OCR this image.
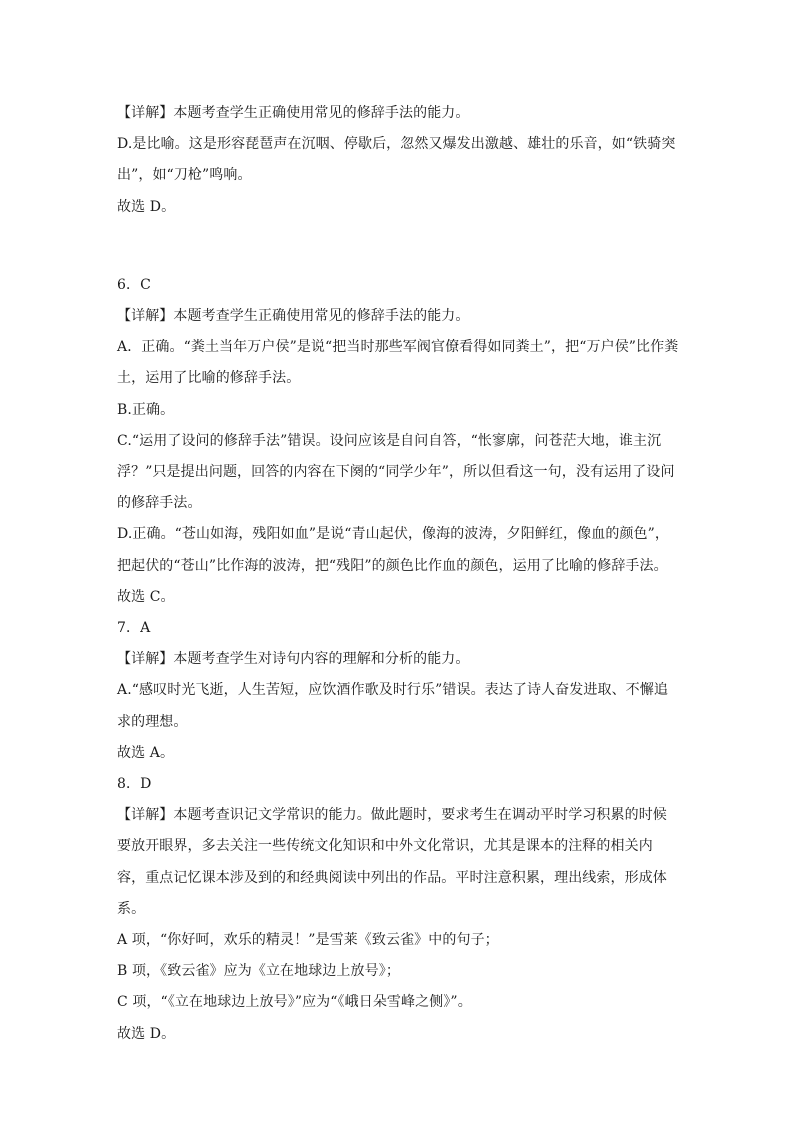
【详解】本题考查学生正确使用常见的修辞手法的能力。
D.是比喻。这是形容琵琶声在沉咽、停歇后，忽然又爆发出激越、雄壮的乐音，如“铁骑突
出”，如“刀枪”鸣响。
故选 D。
6．C
【详解】本题考查学生正确使用常见的修辞手法的能力。
A．正确。“粪土当年万户侯”是说“把当时那些军阀官僚看得如同粪土”，把“万户侯”比作粪
土，运用了比喻的修辞手法。
B.正确。
C.“运用了设问的修辞手法”错误。设问应该是自问自答，“怅寥廓，问苍茫大地，谁主沉
浮？”只是提出问题，回答的内容在下阕的“同学少年”，所以但看这一句，没有运用了设问
的修辞手法。
D.正确。“苍山如海，残阳如血”是说“青山起伏，像海的波涛，夕阳鲜红，像血的颜色”，
把起伏的“苍山”比作海的波涛，把“残阳”的颜色比作血的颜色，运用了比喻的修辞手法。
故选 C。
7．A
【详解】本题考查学生对诗句内容的理解和分析的能力。
A.“感叹时光飞逝，人生苦短，应饮酒作歌及时行乐”错误。表达了诗人奋发进取、不懈追
求的理想。
故选 A。
8．D
【详解】本题考查识记文学常识的能力。做此题时，要求考生在调动平时学习积累的时候
要放开眼界，多去关注一些传统文化知识和中外文化常识，尤其是课本的注释的相关内
容，重点记忆课本涉及到的和经典阅读中列出的作品。平时注意积累，理出线索，形成体
系。
A 项，“你好呵，欢乐的精灵！”是雪莱《致云雀》中的句子；
B 项，《致云雀》应为《立在地球边上放号》；
C 项，“《立在地球边上放号》”应为“《峨日朵雪峰之侧》”。
故选 D。
